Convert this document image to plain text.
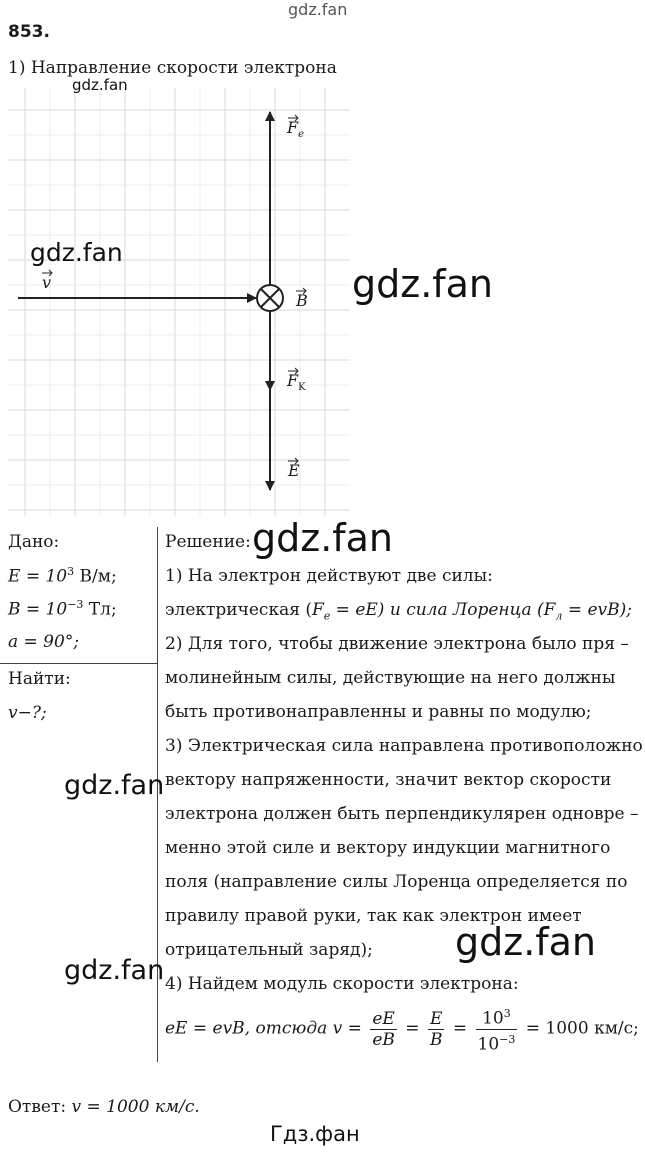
gdz.fan
853.
1) Направление скорости электрона
$F_e$
v
B
$F_K$
E
gdz.fan
gdz.fan
gdz.fan
Дано:
$E = 10^3$ В/м;
$B = 10^{-3}$ Тл;
a = 90°;
Найти:
v−?;
Решение: gdz.fan
1) На электрон действуют две силы:
электрическая $(F_e = eE)$ и сила Лоренца $(F_л = evB)$;
2) Для того, чтобы движение электрона было пря –
молинейным силы, действующие на него должны
быть противонаправленны и равны по модулю;
3) Электрическая сила направлена противоположно
вектору напряженности, значит вектор скорости
электрона должен быть перпендикулярен одновре –
менно этой силе и вектору индукции магнитного
поля (направление силы Лоренца определяется по
правилу правой руки, так как электрон имеет
отрицательный заряд);
4) Найдем модуль скорости электрона:
eE = evB, отсюда $v = \frac{eE}{eB} = \frac{E}{B} = \frac{10^3}{10^{-3}} = 1000$ км/с;
gdz.fan
gdz.fan
gdz.fan
Ответ: v = 1000 км/с.
Гдз.фан
